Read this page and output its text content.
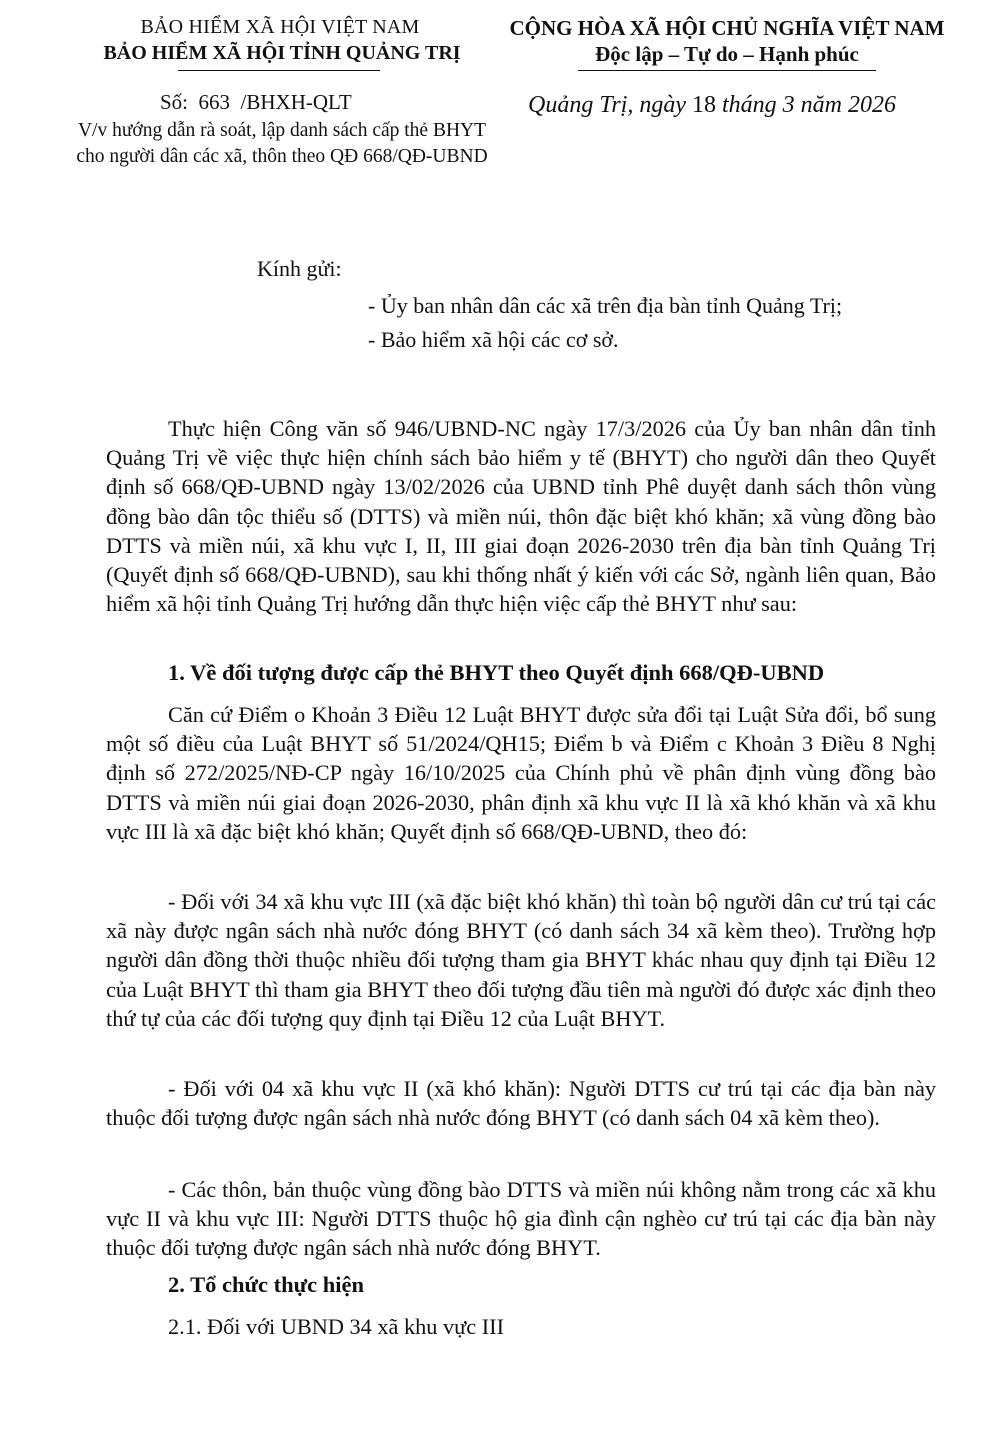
BẢO HIỂM XÃ HỘI VIỆT NAM
BẢO HIỂM XÃ HỘI TỈNH QUẢNG TRỊ
CỘNG HÒA XÃ HỘI CHỦ NGHĨA VIỆT NAM
Độc lập – Tự do – Hạnh phúc
Số: 663 /BHXH-QLT
V/v hướng dẫn rà soát, lập danh sách cấp thẻ BHYT cho người dân các xã, thôn theo QĐ 668/QĐ-UBND
Quảng Trị, ngày 18 tháng 3 năm 2026
Kính gửi:
- Ủy ban nhân dân các xã trên địa bàn tỉnh Quảng Trị;
- Bảo hiểm xã hội các cơ sở.

Thực hiện Công văn số 946/UBND-NC ngày 17/3/2026 của Ủy ban nhân dân tỉnh Quảng Trị về việc thực hiện chính sách bảo hiểm y tế (BHYT) cho người dân theo Quyết định số 668/QĐ-UBND ngày 13/02/2026 của UBND tỉnh Phê duyệt danh sách thôn vùng đồng bào dân tộc thiểu số (DTTS) và miền núi, thôn đặc biệt khó khăn; xã vùng đồng bào DTTS và miền núi, xã khu vực I, II, III giai đoạn 2026-2030 trên địa bàn tỉnh Quảng Trị (Quyết định số 668/QĐ-UBND), sau khi thống nhất ý kiến với các Sở, ngành liên quan, Bảo hiểm xã hội tỉnh Quảng Trị hướng dẫn thực hiện việc cấp thẻ BHYT như sau:

1. Về đối tượng được cấp thẻ BHYT theo Quyết định 668/QĐ-UBND

Căn cứ Điểm o Khoản 3 Điều 12 Luật BHYT được sửa đổi tại Luật Sửa đổi, bổ sung một số điều của Luật BHYT số 51/2024/QH15; Điểm b và Điểm c Khoản 3 Điều 8 Nghị định số 272/2025/NĐ-CP ngày 16/10/2025 của Chính phủ về phân định vùng đồng bào DTTS và miền núi giai đoạn 2026-2030, phân định xã khu vực II là xã khó khăn và xã khu vực III là xã đặc biệt khó khăn; Quyết định số 668/QĐ-UBND, theo đó:

- Đối với 34 xã khu vực III (xã đặc biệt khó khăn) thì toàn bộ người dân cư trú tại các xã này được ngân sách nhà nước đóng BHYT (có danh sách 34 xã kèm theo). Trường hợp người dân đồng thời thuộc nhiều đối tượng tham gia BHYT khác nhau quy định tại Điều 12 của Luật BHYT thì tham gia BHYT theo đối tượng đầu tiên mà người đó được xác định theo thứ tự của các đối tượng quy định tại Điều 12 của Luật BHYT.

- Đối với 04 xã khu vực II (xã khó khăn): Người DTTS cư trú tại các địa bàn này thuộc đối tượng được ngân sách nhà nước đóng BHYT (có danh sách 04 xã kèm theo).

- Các thôn, bản thuộc vùng đồng bào DTTS và miền núi không nằm trong các xã khu vực II và khu vực III: Người DTTS thuộc hộ gia đình cận nghèo cư trú tại các địa bàn này thuộc đối tượng được ngân sách nhà nước đóng BHYT.

2. Tổ chức thực hiện
2.1. Đối với UBND 34 xã khu vực III
